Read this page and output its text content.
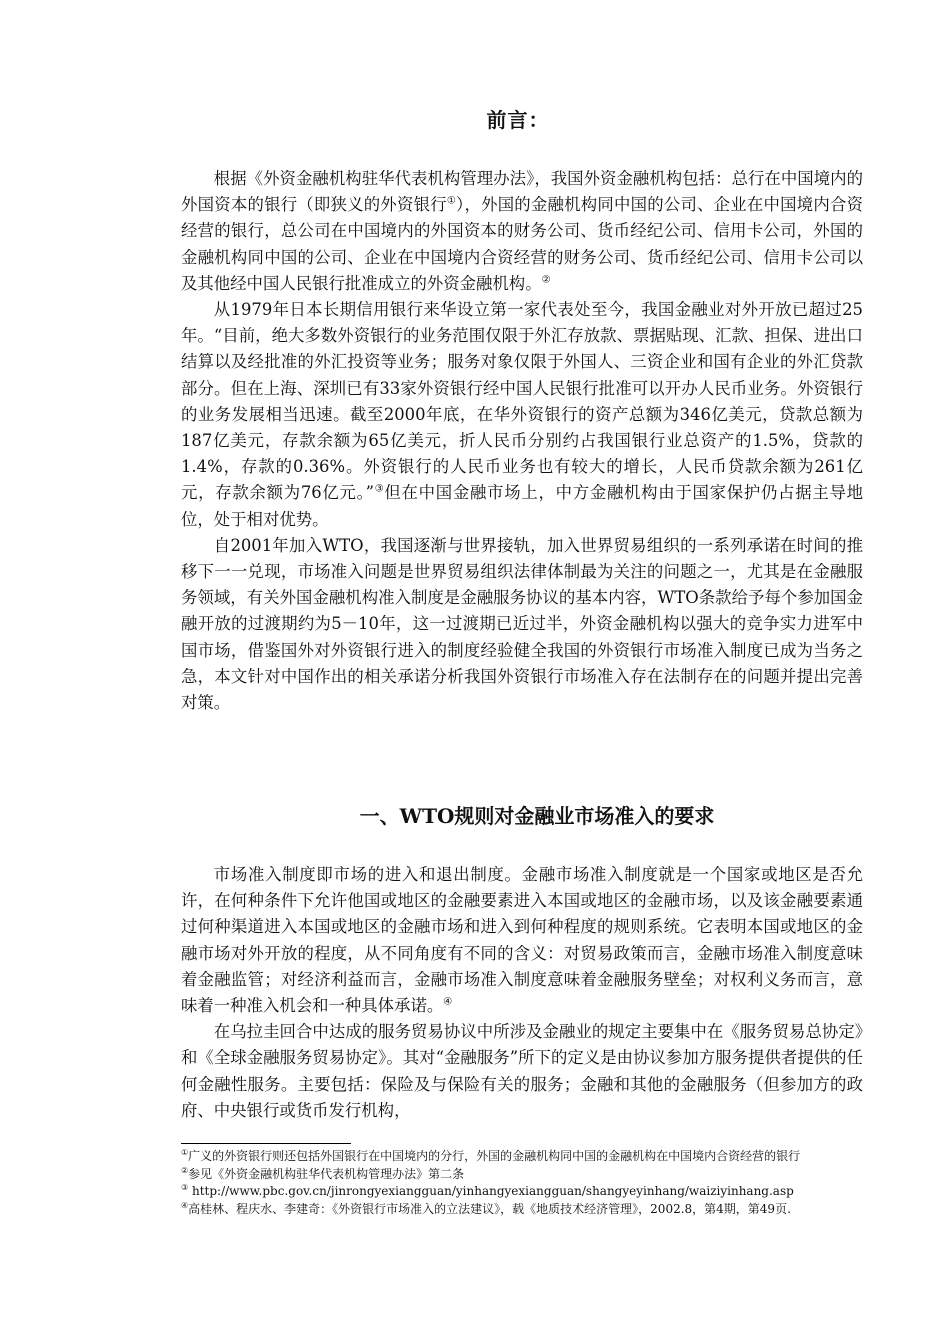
前言：

根据《外资金融机构驻华代表机构管理办法》，我国外资金融机构包括：总行在中国境内的外国资本的银行（即狭义的外资银行①），外国的金融机构同中国的公司、企业在中国境内合资经营的银行，总公司在中国境内的外国资本的财务公司、货币经纪公司、信用卡公司，外国的金融机构同中国的公司、企业在中国境内合资经营的财务公司、货币经纪公司、信用卡公司以及其他经中国人民银行批准成立的外资金融机构。②

从1979年日本长期信用银行来华设立第一家代表处至今，我国金融业对外开放已超过25年。“目前，绝大多数外资银行的业务范围仅限于外汇存放款、票据贴现、汇款、担保、进出口结算以及经批准的外汇投资等业务；服务对象仅限于外国人、三资企业和国有企业的外汇贷款部分。但在上海、深圳已有33家外资银行经中国人民银行批准可以开办人民币业务。外资银行的业务发展相当迅速。截至2000年底，在华外资银行的资产总额为346亿美元，贷款总额为187亿美元，存款余额为65亿美元，折人民币分别约占我国银行业总资产的1.5%，贷款的1.4%，存款的0.36%。外资银行的人民币业务也有较大的增长，人民币贷款余额为261亿元，存款余额为76亿元。”③但在中国金融市场上，中方金融机构由于国家保护仍占据主导地位，处于相对优势。

自2001年加入WTO，我国逐渐与世界接轨，加入世界贸易组织的一系列承诺在时间的推移下一一兑现，市场准入问题是世界贸易组织法律体制最为关注的问题之一，尤其是在金融服务领域，有关外国金融机构准入制度是金融服务协议的基本内容，WTO条款给予每个参加国金融开放的过渡期约为5－10年，这一过渡期已近过半，外资金融机构以强大的竞争实力进军中国市场，借鉴国外对外资银行进入的制度经验健全我国的外资银行市场准入制度已成为当务之急，本文针对中国作出的相关承诺分析我国外资银行市场准入存在法制存在的问题并提出完善对策。

一、WTO规则对金融业市场准入的要求

市场准入制度即市场的进入和退出制度。金融市场准入制度就是一个国家或地区是否允许，在何种条件下允许他国或地区的金融要素进入本国或地区的金融市场，以及该金融要素通过何种渠道进入本国或地区的金融市场和进入到何种程度的规则系统。它表明本国或地区的金融市场对外开放的程度，从不同角度有不同的含义：对贸易政策而言，金融市场准入制度意味着金融监管；对经济利益而言，金融市场准入制度意味着金融服务壁垒；对权利义务而言，意味着一种准入机会和一种具体承诺。④

在乌拉圭回合中达成的服务贸易协议中所涉及金融业的规定主要集中在《服务贸易总协定》和《全球金融服务贸易协定》。其对“金融服务”所下的定义是由协议参加方服务提供者提供的任何金融性服务。主要包括：保险及与保险有关的服务；金融和其他的金融服务（但参加方的政府、中央银行或货币发行机构，

①广义的外资银行则还包括外国银行在中国境内的分行，外国的金融机构同中国的金融机构在中国境内合资经营的银行

②参见《外资金融机构驻华代表机构管理办法》第二条

③ http://www.pbc.gov.cn/jinrongyexiangguan/yinhangyexiangguan/shangyeyinhang/waiziyinhang.asp

④高桂林、程庆水、李建奇：《外资银行市场准入的立法建议》，载《地质技术经济管理》，2002.8，第4期，第49页.
